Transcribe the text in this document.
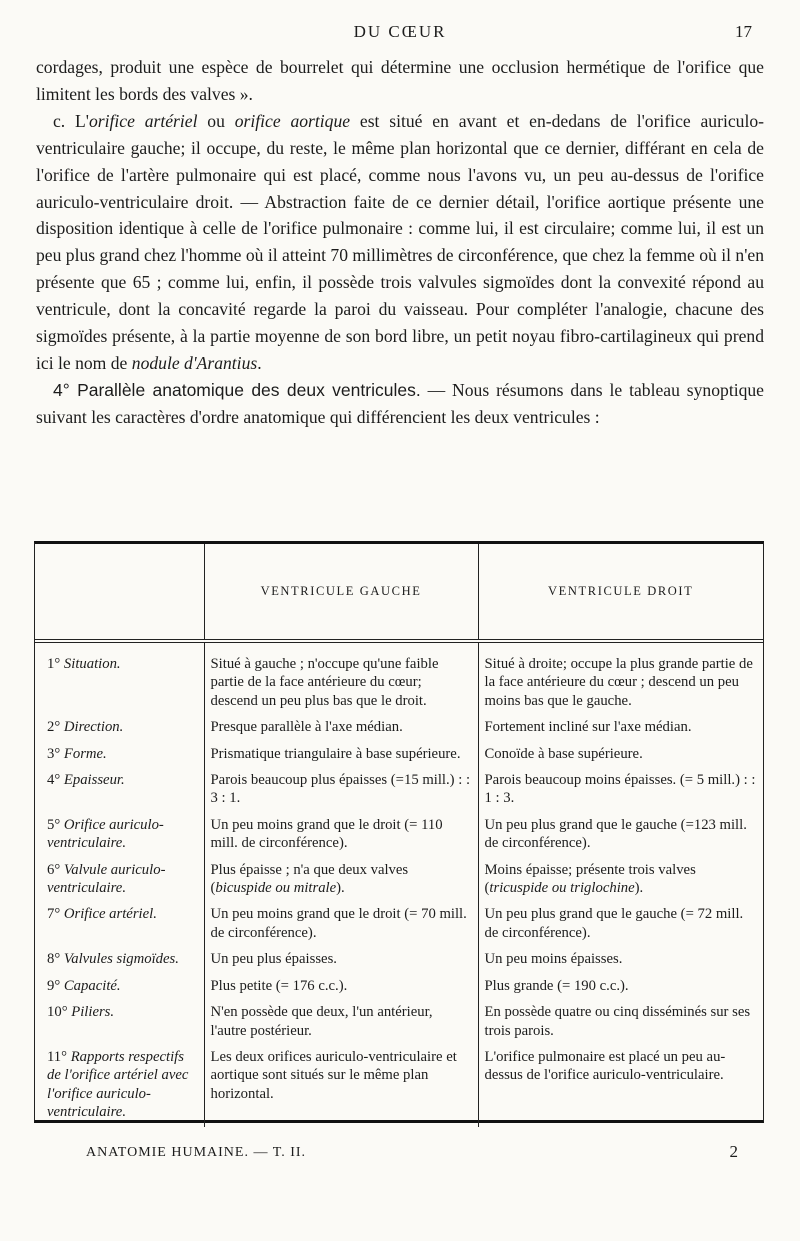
DU CŒUR	17

cordages, produit une espèce de bourrelet qui détermine une occlusion hermétique de l'orifice que limitent les bords des valves ».

c. L'orifice artériel ou orifice aortique est situé en avant et en-dedans de l'orifice auriculo-ventriculaire gauche; il occupe, du reste, le même plan horizontal que ce dernier, différant en cela de l'orifice de l'artère pulmonaire qui est placé, comme nous l'avons vu, un peu au-dessus de l'orifice auriculo-ventriculaire droit. — Abstraction faite de ce dernier détail, l'orifice aortique présente une disposition identique à celle de l'orifice pulmonaire : comme lui, il est circulaire; comme lui, il est un peu plus grand chez l'homme où il atteint 70 millimètres de circonférence, que chez la femme où il n'en présente que 65 ; comme lui, enfin, il possède trois valvules sigmoïdes dont la convexité répond au ventricule, dont la concavité regarde la paroi du vaisseau. Pour compléter l'analogie, chacune des sigmoïdes présente, à la partie moyenne de son bord libre, un petit noyau fibro-cartilagineux qui prend ici le nom de nodule d'Arantius.

4° Parallèle anatomique des deux ventricules. — Nous résumons dans le tableau synoptique suivant les caractères d'ordre anatomique qui différencient les deux ventricules :

	VENTRICULE GAUCHE	VENTRICULE DROIT
1° Situation.	Situé à gauche ; n'occupe qu'une faible partie de la face antérieure du cœur; descend un peu plus bas que le droit.	Situé à droite; occupe la plus grande partie de la face antérieure du cœur ; descend un peu moins bas que le gauche.
2° Direction.	Presque parallèle à l'axe médian.	Fortement incliné sur l'axe médian.
3° Forme.	Prismatique triangulaire à base supérieure.	Conoïde à base supérieure.
4° Epaisseur.	Parois beaucoup plus épaisses (=15 mill.) : : 3 : 1.	Parois beaucoup moins épaisses. (= 5 mill.) : : 1 : 3.
5° Orifice auriculo-ventriculaire.	Un peu moins grand que le droit (= 110 mill. de circonférence).	Un peu plus grand que le gauche (=123 mill. de circonférence).
6° Valvule auriculo-ventriculaire.	Plus épaisse ; n'a que deux valves (bicuspide ou mitrale).	Moins épaisse; présente trois valves (tricuspide ou triglochine).
7° Orifice artériel.	Un peu moins grand que le droit (= 70 mill. de circonférence).	Un peu plus grand que le gauche (= 72 mill. de circonférence).
8° Valvules sigmoïdes.	Un peu plus épaisses.	Un peu moins épaisses.
9° Capacité.	Plus petite (= 176 c.c.).	Plus grande (= 190 c.c.).
10° Piliers.	N'en possède que deux, l'un antérieur, l'autre postérieur.	En possède quatre ou cinq disséminés sur ses trois parois.
11° Rapports respectifs de l'orifice artériel avec l'orifice auriculo-ventriculaire.	Les deux orifices auriculo-ventriculaire et aortique sont situés sur le même plan horizontal.	L'orifice pulmonaire est placé un peu au-dessus de l'orifice auriculo-ventriculaire.
ANATOMIE HUMAINE. — T. II.	2
